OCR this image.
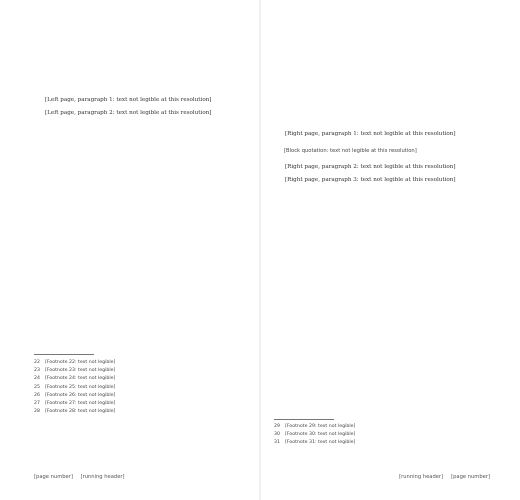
[Left page, paragraph 1: text not legible at this resolution]

[Left page, paragraph 2: text not legible at this resolution]

22	[Footnote 22: text not legible]
23	[Footnote 23: text not legible]
24	[Footnote 24: text not legible]
25	[Footnote 25: text not legible]
26	[Footnote 26: text not legible]
27	[Footnote 27: text not legible]
28	[Footnote 28: text not legible]
[page number] [running header]

[Right page, paragraph 1: text not legible at this resolution]

[Block quotation: text not legible at this resolution]

[Right page, paragraph 2: text not legible at this resolution]

[Right page, paragraph 3: text not legible at this resolution]

29	[Footnote 29: text not legible]
30	[Footnote 30: text not legible]
31	[Footnote 31: text not legible]
[running header] [page number]
